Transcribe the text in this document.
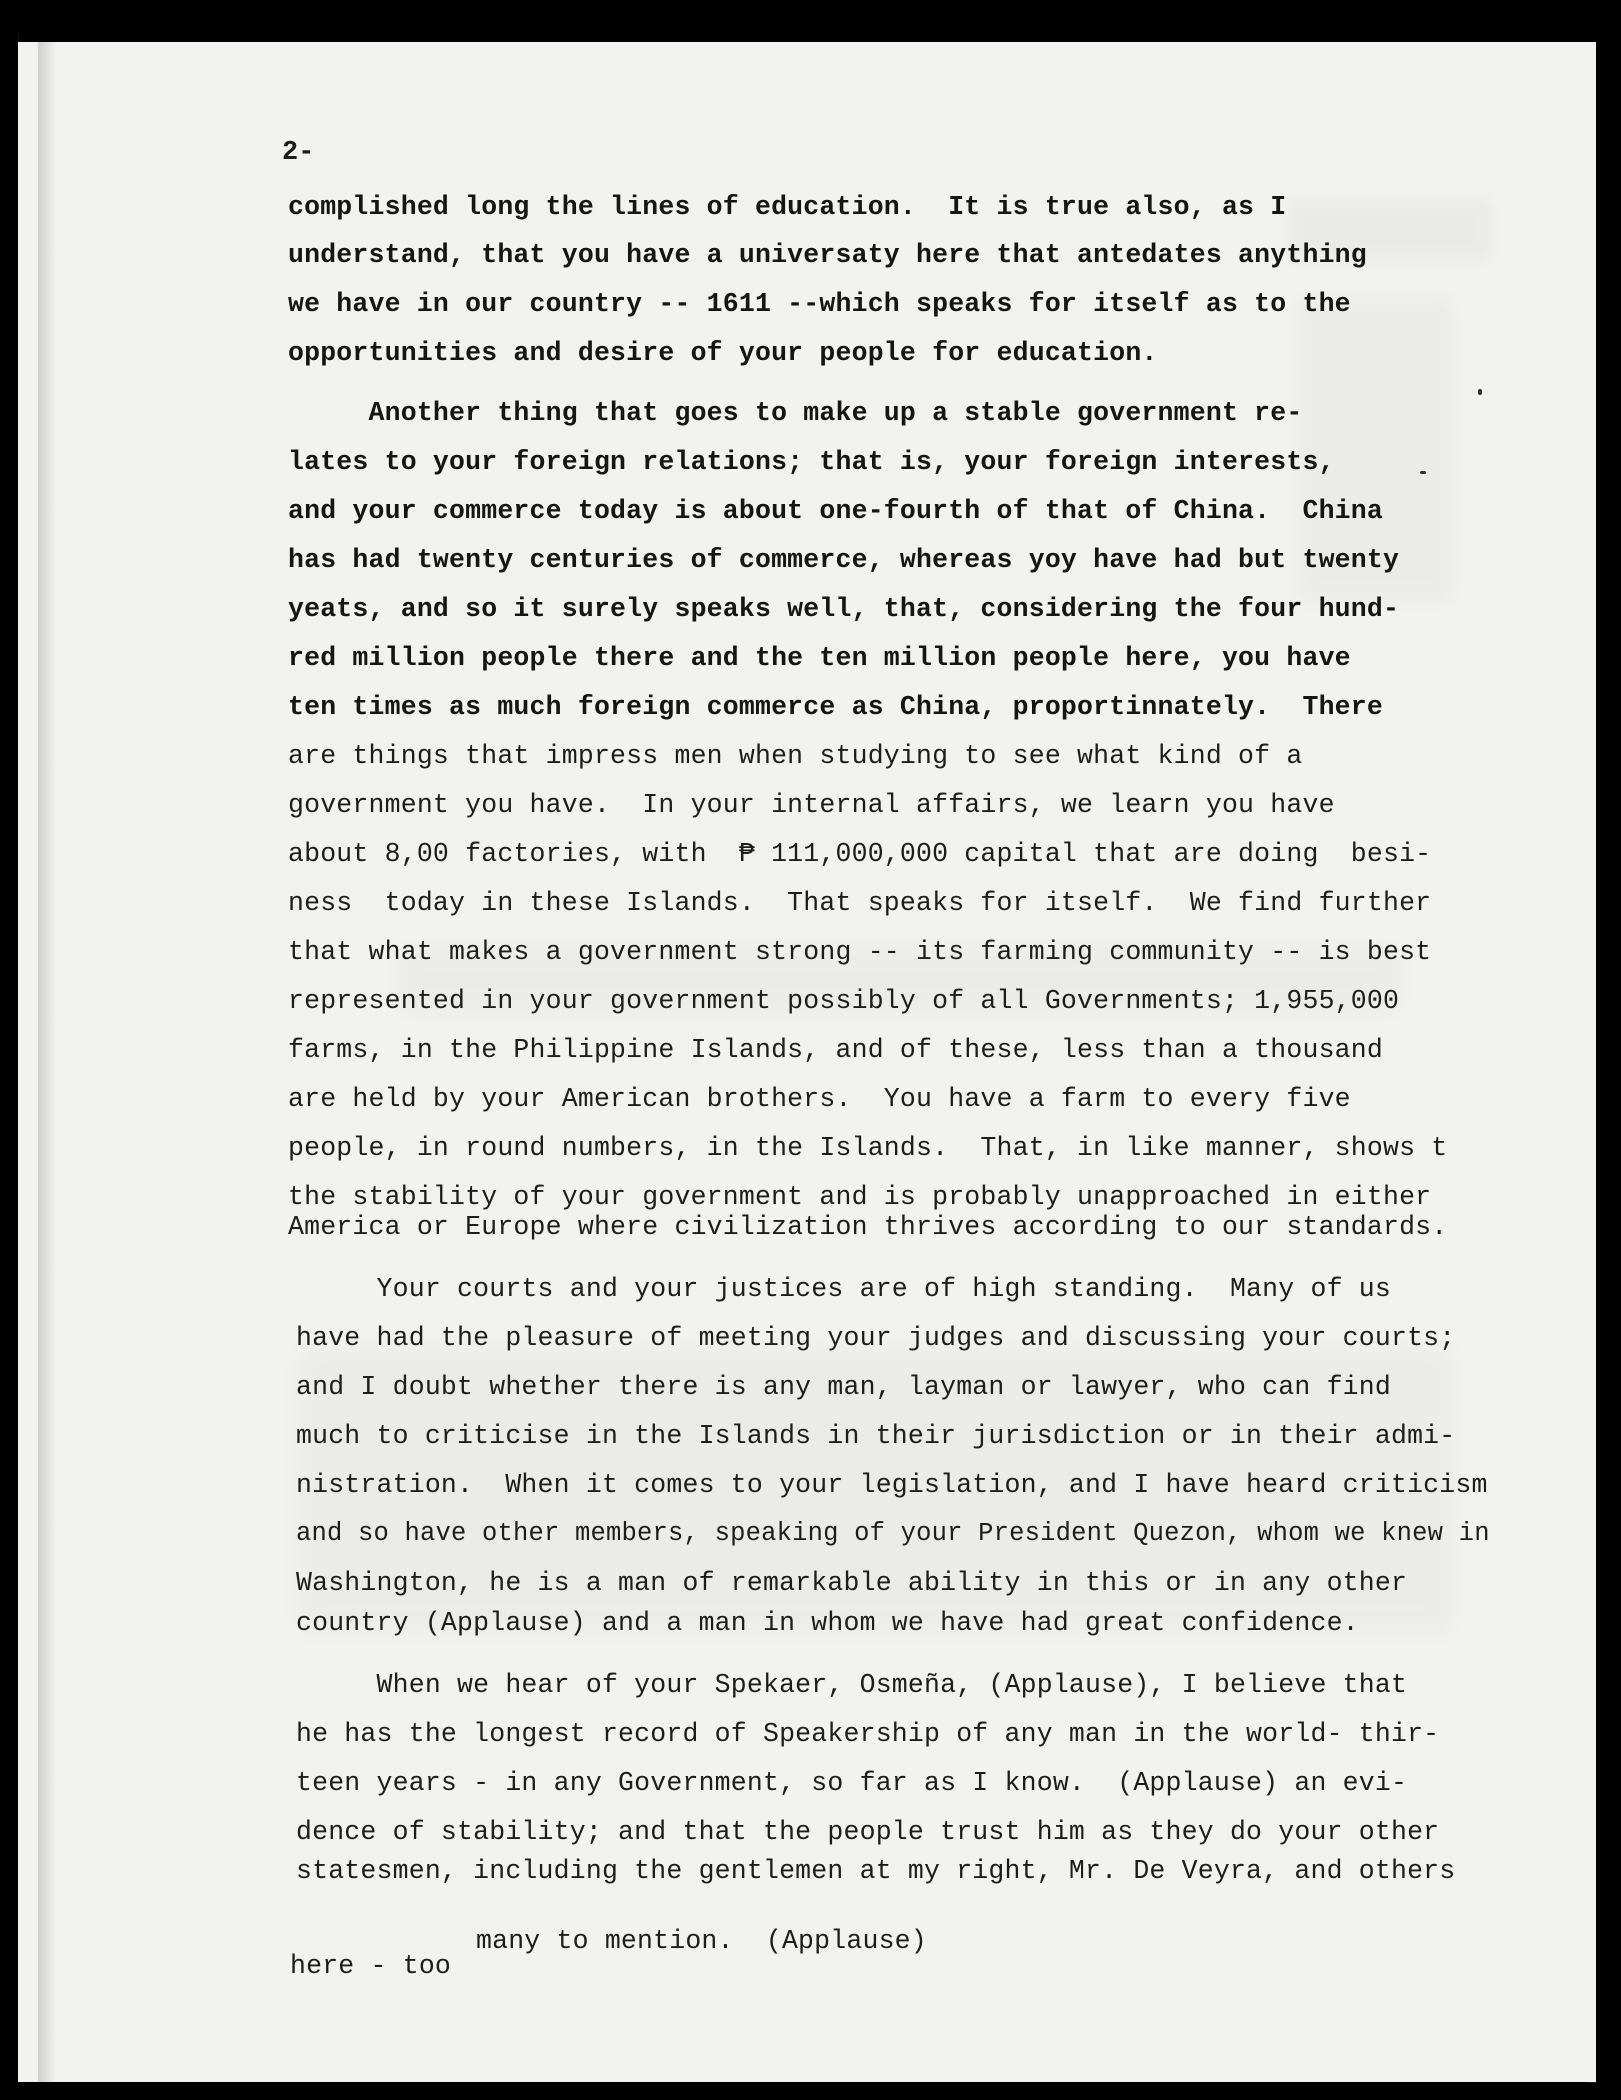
2-
complished long the lines of education.  It is true also, as I
understand, that you have a universaty here that antedates anything
we have in our country -- 1611 --which speaks for itself as to the
opportunities and desire of your people for education.
Another thing that goes to make up a stable government re-
lates to your foreign relations; that is, your foreign interests,
and your commerce today is about one-fourth of that of China.  China
has had twenty centuries of commerce, whereas yoy have had but twenty
yeats, and so it surely speaks well, that, considering the four hund-
red million people there and the ten million people here, you have
ten times as much foreign commerce as China, proportinnately.  There
are things that impress men when studying to see what kind of a
government you have.  In your internal affairs, we learn you have
about 8,00 factories, with  ₱ 111,000,000 capital that are doing  besi-
ness  today in these Islands.  That speaks for itself.  We find further
that what makes a government strong -- its farming community -- is best
represented in your government possibly of all Governments; 1,955,000
farms, in the Philippine Islands, and of these, less than a thousand
are held by your American brothers.  You have a farm to every five
people, in round numbers, in the Islands.  That, in like manner, shows t
the stability of your government and is probably unapproached in either
America or Europe where civilization thrives according to our standards.
Your courts and your justices are of high standing.  Many of us
have had the pleasure of meeting your judges and discussing your courts;
and I doubt whether there is any man, layman or lawyer, who can find
much to criticise in the Islands in their jurisdiction or in their admi-
nistration.  When it comes to your legislation, and I have heard criticism
and so have other members, speaking of your President Quezon, whom we knew in
Washington, he is a man of remarkable ability in this or in any other
country (Applause) and a man in whom we have had great confidence.
When we hear of your Spekaer, Osmeña, (Applause), I believe that
he has the longest record of Speakership of any man in the world- thir-
teen years - in any Government, so far as I know.  (Applause) an evi-
dence of stability; and that the people trust him as they do your other
statesmen, including the gentlemen at my right, Mr. De Veyra, and others
here - too
many to mention.  (Applause)
